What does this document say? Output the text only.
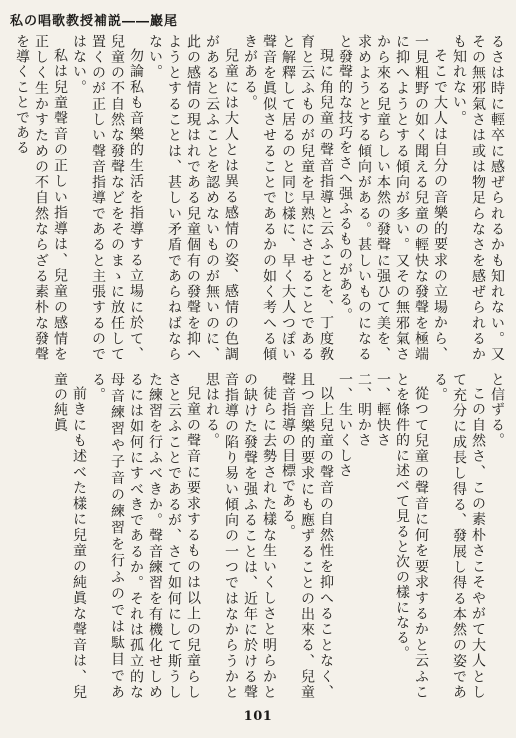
私の唱歌教授補説――巖尾

るさは時に輕卒に感ぜられるかも知れない。又その無邪氣さは或は物足らなさを感ぜられるかも知れない。

そこで大人は自分の音樂的要求の立場から、一見粗野の如く聞える兒童の輕快な發聲を極端に抑へようとする傾向が多い。又その無邪氣さから來る兒童らしい本然の發聲に强ひて美を、求めようとする傾向がある。甚しいものになると發聲的な技巧をさへ强ふるものがある。

現に角兒童の聲音指導と云ふことを、丁度敎育と云ふものが兒童を早熟にさせることであると解釋して居るのと同じ樣に、早く大人つぽい聲音を眞似させることであるかの如く考へる傾きがある。

兒童には大人とは異る感情の姿、感情の色調があると云ふことを認めないものが無いのに、此の感情の現はれである兒童個有の發聲を抑へようとすることは、甚しい矛盾であらねばならない。

勿論私も音樂的生活を指導する立場に於て、兒童の不自然な發聲などをそのまゝに放任して置くのが正しい聲音指導であると主張するのではない。

私は兒童聲音の正しい指導は、兒童の感情を正しく生かすための不自然ならざる素朴な發聲を導くことである

と信ずる。

この自然さ、この素朴さこそやがて大人として充分に成長し得る、發展し得る本然の姿である。

從つて兒童の聲音に何を要求するかと云ふことを條件的に述べて見ると次の樣になる。

一、輕快さ

二、明かさ

一、生いくしさ

以上兒童の聲音の自然性を抑へることなく、且つ音樂的要求にも應ずることの出來る、兒童聲音指導の目標である。

徒らに去勢された樣な生いくしさと明らかとの缺けた發聲を强ふることは、近年に於ける聲音指導の陷り易い傾向の一つではなからうかと思はれる。

兒童の聲音に要求するものは以上の兒童らしさと云ふことであるが、さて如何にして斯うした練習を行ふべきか。聲音練習を有機化せしめるには如何にすべきであるか。それは孤立的な母音練習や子音の練習を行ふのでは駄目である。

前きにも述べた樣に兒童の純眞な聲音は、兒童の純眞

101
